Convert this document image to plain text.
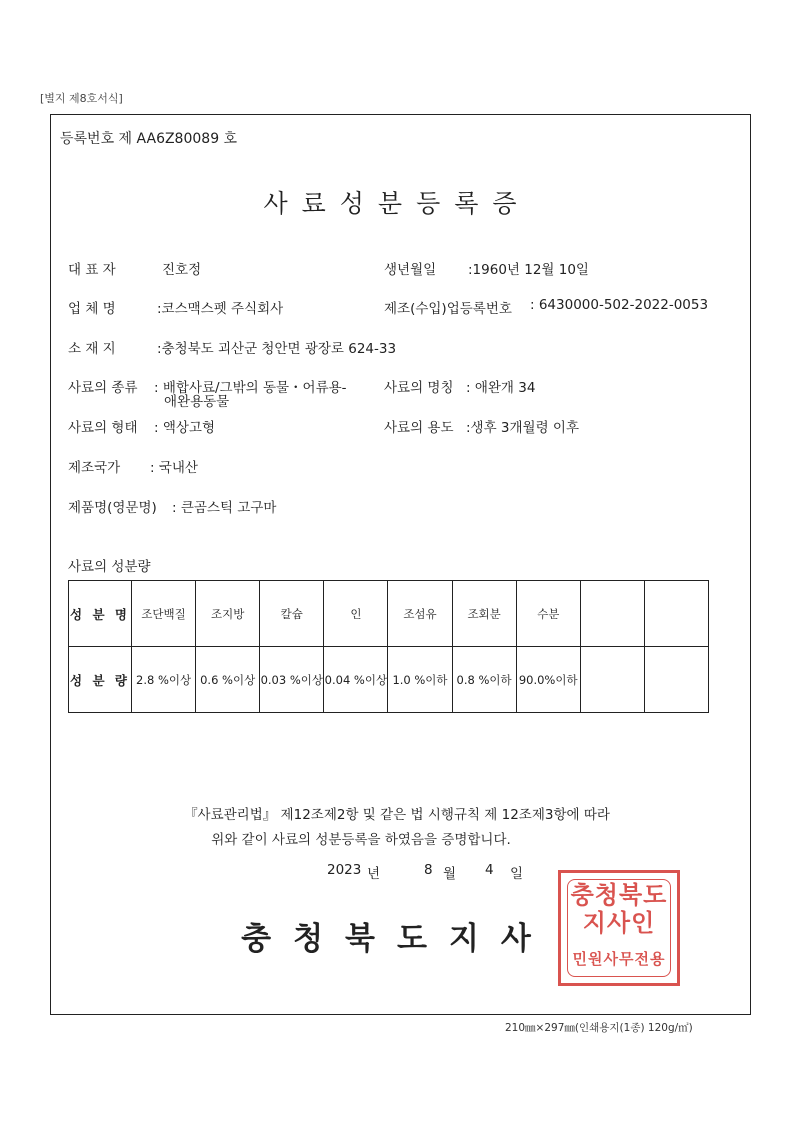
[별지 제8호서식]
등록번호 제 AA6Z80089 호
사료성분등록증
대 표 자	진호정	생년월일 :1960년 12월 10일
업 체 명	:코스맥스펫 주식회사	제조(수입)업등록번호 : 6430000-502-2022-0053
소 재 지	:충청북도 괴산군 청안면 광장로 624-33
사료의 종류 : 배합사료/그밖의 동물・어류용-
애완용동물
사료의 명칭 : 애완개 34
사료의 형태 : 액상고형	사료의 용도 :생후 3개월령 이후
제조국가 : 국내산
제품명(영문명) : 큰곰스틱 고구마
사료의 성분량
성 분 명	조단백질	조지방	칼슘	인	조섬유	조회분	수분		
성 분 량	2.8 %이상	0.6 %이상	0.03 %이상	0.04 %이상	1.0 %이하	0.8 %이하	90.0%이하		
『사료관리법』 제12조제2항 및 같은 법 시행규칙 제 12조제3항에 따라
위와 같이 사료의 성분등록을 하였음을 증명합니다.
2023 년	8 월 4 일
충청북도지사
충청북도
지사인
민원사무전용
210㎜×297㎜(인쇄용지(1종) 120g/㎡)
